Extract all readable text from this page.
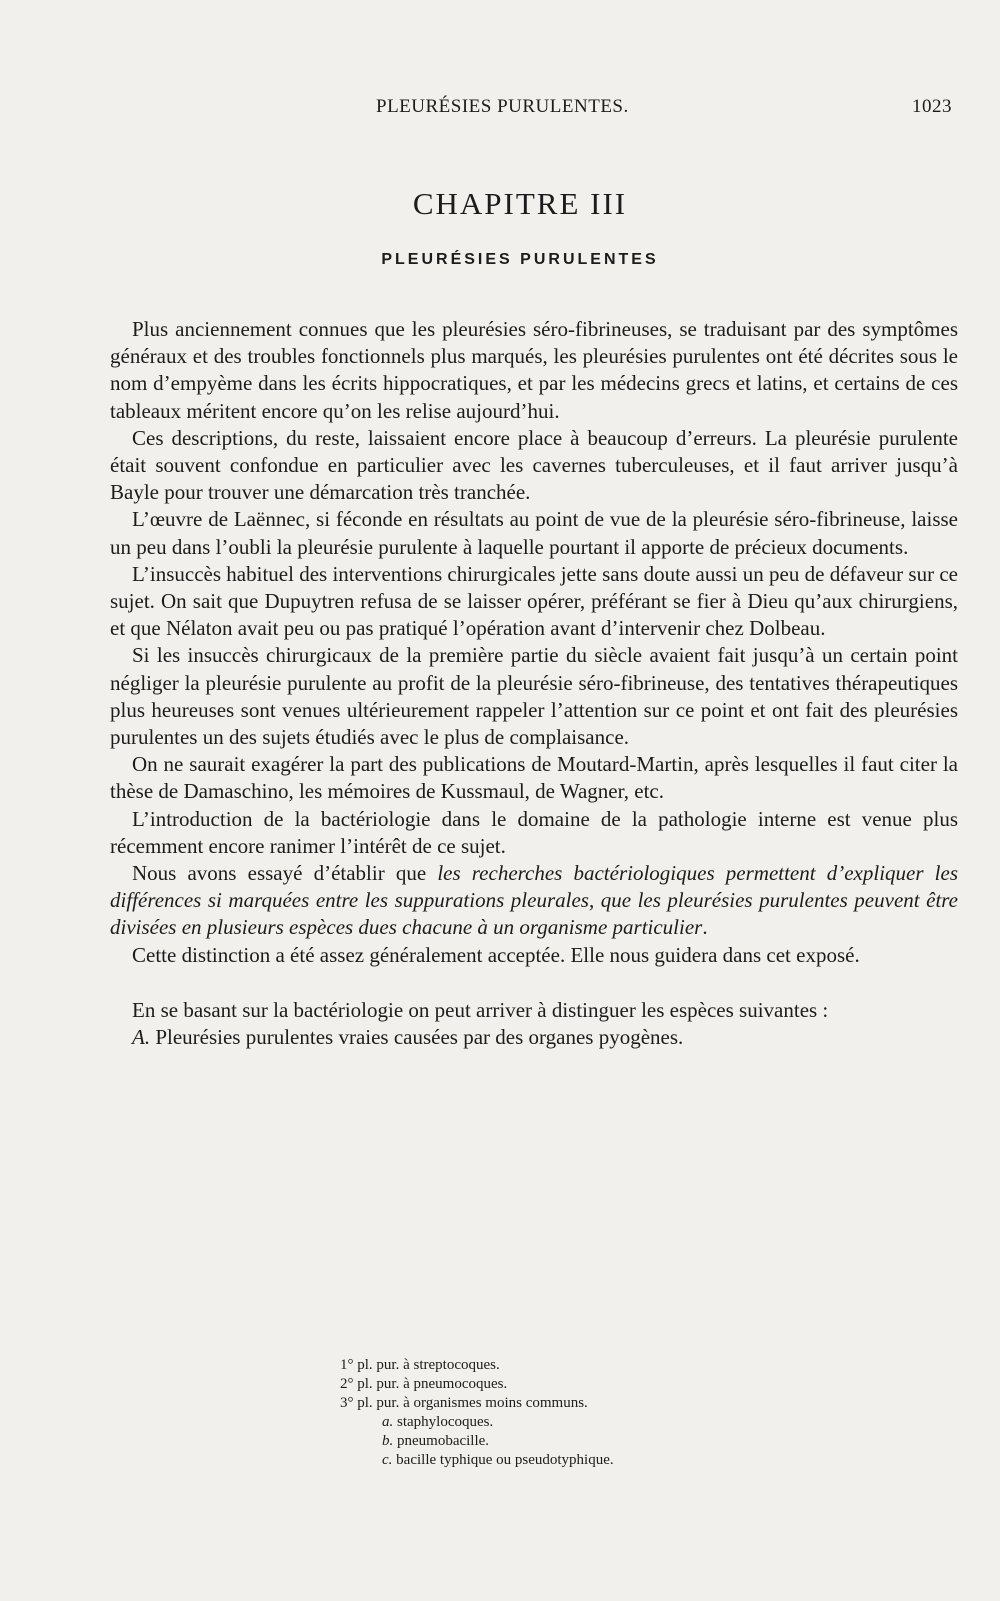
PLEURÉSIES PURULENTES.	1023
CHAPITRE III
PLEURÉSIES PURULENTES

Plus anciennement connues que les pleurésies séro-fibrineuses, se traduisant par des symptômes généraux et des troubles fonctionnels plus marqués, les pleurésies purulentes ont été décrites sous le nom d’empyème dans les écrits hippocratiques, et par les médecins grecs et latins, et certains de ces tableaux méritent encore qu’on les relise aujourd’hui.

Ces descriptions, du reste, laissaient encore place à beaucoup d’erreurs. La pleurésie purulente était souvent confondue en particulier avec les cavernes tuberculeuses, et il faut arriver jusqu’à Bayle pour trouver une démarcation très tranchée.

L’œuvre de Laënnec, si féconde en résultats au point de vue de la pleurésie séro-fibrineuse, laisse un peu dans l’oubli la pleurésie purulente à laquelle pourtant il apporte de précieux documents.

L’insuccès habituel des interventions chirurgicales jette sans doute aussi un peu de défaveur sur ce sujet. On sait que Dupuytren refusa de se laisser opérer, préférant se fier à Dieu qu’aux chirurgiens, et que Nélaton avait peu ou pas pratiqué l’opération avant d’intervenir chez Dolbeau.

Si les insuccès chirurgicaux de la première partie du siècle avaient fait jusqu’à un certain point négliger la pleurésie purulente au profit de la pleurésie séro-fibrineuse, des tentatives thérapeutiques plus heureuses sont venues ultérieurement rappeler l’attention sur ce point et ont fait des pleurésies purulentes un des sujets étudiés avec le plus de complaisance.

On ne saurait exagérer la part des publications de Moutard-Martin, après lesquelles il faut citer la thèse de Damaschino, les mémoires de Kussmaul, de Wagner, etc.

L’introduction de la bactériologie dans le domaine de la pathologie interne est venue plus récemment encore ranimer l’intérêt de ce sujet.

Nous avons essayé d’établir que les recherches bactériologiques permettent d’expliquer les différences si marquées entre les suppurations pleurales, que les pleurésies purulentes peuvent être divisées en plusieurs espèces dues chacune à un organisme particulier.

Cette distinction a été assez généralement acceptée. Elle nous guidera dans cet exposé.

En se basant sur la bactériologie on peut arriver à distinguer les espèces suivantes :

A. Pleurésies purulentes vraies causées par des organes pyogènes.

1° pl. pur. à streptocoques.
2° pl. pur. à pneumocoques.
3° pl. pur. à organismes moins communs.
a. staphylocoques.
b. pneumobacille.
c. bacille typhique ou pseudotyphique.
